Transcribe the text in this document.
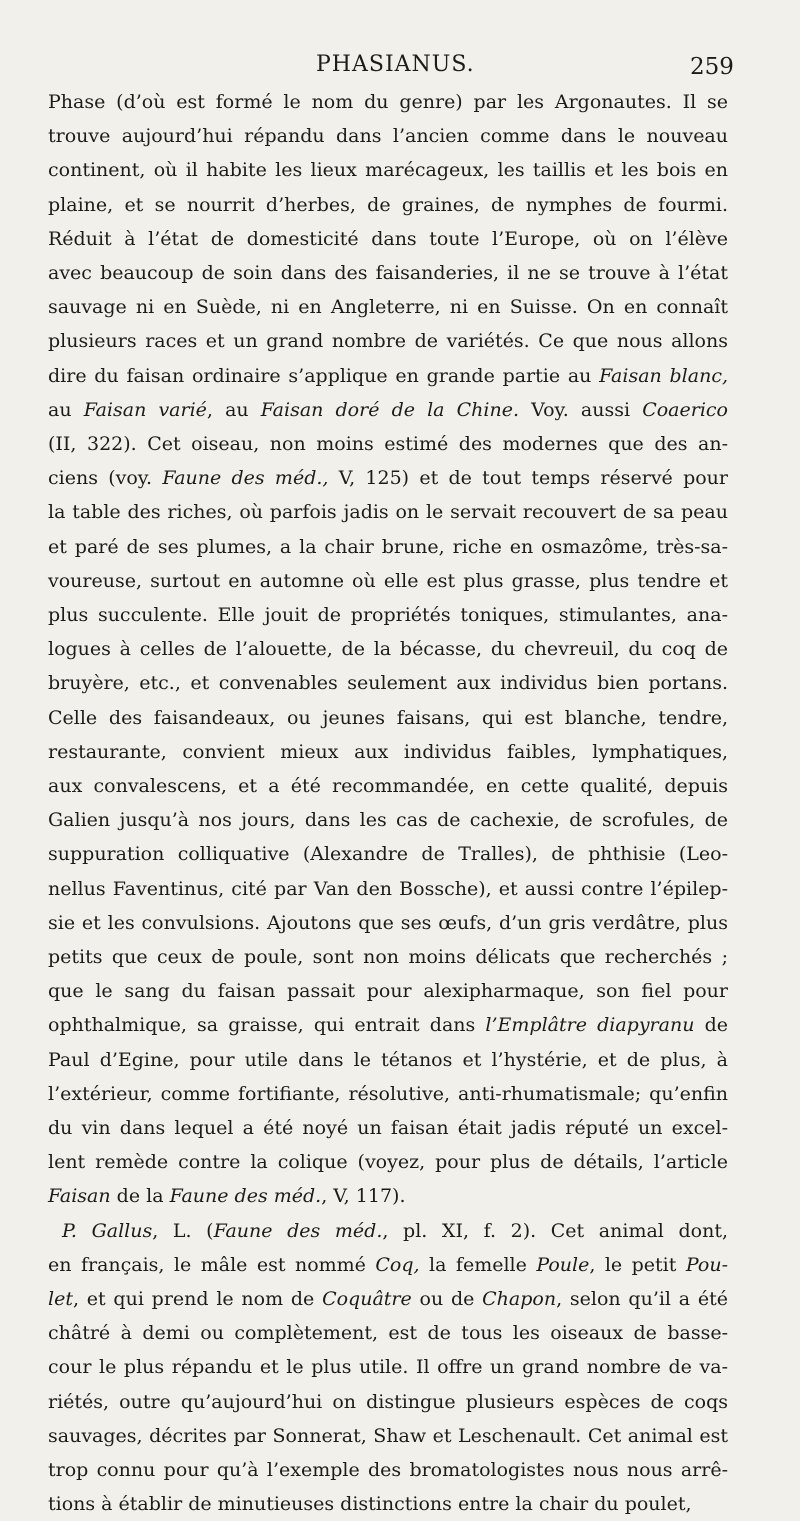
PHASIANUS.	259
Phase (d’où est formé le nom du genre) par les Argonautes. Il se
trouve aujourd’hui répandu dans l’ancien comme dans le nouveau
continent, où il habite les lieux marécageux, les taillis et les bois en
plaine, et se nourrit d’herbes, de graines, de nymphes de fourmi.
Réduit à l’état de domesticité dans toute l’Europe, où on l’élève
avec beaucoup de soin dans des faisanderies, il ne se trouve à l’état
sauvage ni en Suède, ni en Angleterre, ni en Suisse. On en connaît
plusieurs races et un grand nombre de variétés. Ce que nous allons
dire du faisan ordinaire s’applique en grande partie au Faisan blanc,
au Faisan varié, au Faisan doré de la Chine. Voy. aussi Coaerico
(II, 322). Cet oiseau, non moins estimé des modernes que des an-
ciens (voy. Faune des méd., V, 125) et de tout temps réservé pour
la table des riches, où parfois jadis on le servait recouvert de sa peau
et paré de ses plumes, a la chair brune, riche en osmazôme, très-sa-
voureuse, surtout en automne où elle est plus grasse, plus tendre et
plus succulente. Elle jouit de propriétés toniques, stimulantes, ana-
logues à celles de l’alouette, de la bécasse, du chevreuil, du coq de
bruyère, etc., et convenables seulement aux individus bien portans.
Celle des faisandeaux, ou jeunes faisans, qui est blanche, tendre,
restaurante, convient mieux aux individus faibles, lymphatiques,
aux convalescens, et a été recommandée, en cette qualité, depuis
Galien jusqu’à nos jours, dans les cas de cachexie, de scrofules, de
suppuration colliquative (Alexandre de Tralles), de phthisie (Leo-
nellus Faventinus, cité par Van den Bossche), et aussi contre l’épilep-
sie et les convulsions. Ajoutons que ses œufs, d’un gris verdâtre, plus
petits que ceux de poule, sont non moins délicats que recherchés ;
que le sang du faisan passait pour alexipharmaque, son fiel pour
ophthalmique, sa graisse, qui entrait dans l’Emplâtre diapyranu de
Paul d’Egine, pour utile dans le tétanos et l’hystérie, et de plus, à
l’extérieur, comme fortifiante, résolutive, anti-rhumatismale; qu’enfin
du vin dans lequel a été noyé un faisan était jadis réputé un excel-
lent remède contre la colique (voyez, pour plus de détails, l’article
Faisan de la Faune des méd., V, 117).
P. Gallus, L. (Faune des méd., pl. XI, f. 2). Cet animal dont,
en français, le mâle est nommé Coq, la femelle Poule, le petit Pou-
let, et qui prend le nom de Coquâtre ou de Chapon, selon qu’il a été
châtré à demi ou complètement, est de tous les oiseaux de basse-
cour le plus répandu et le plus utile. Il offre un grand nombre de va-
riétés, outre qu’aujourd’hui on distingue plusieurs espèces de coqs
sauvages, décrites par Sonnerat, Shaw et Leschenault. Cet animal est
trop connu pour qu’à l’exemple des bromatologistes nous nous arrê-
tions à établir de minutieuses distinctions entre la chair du poulet,
